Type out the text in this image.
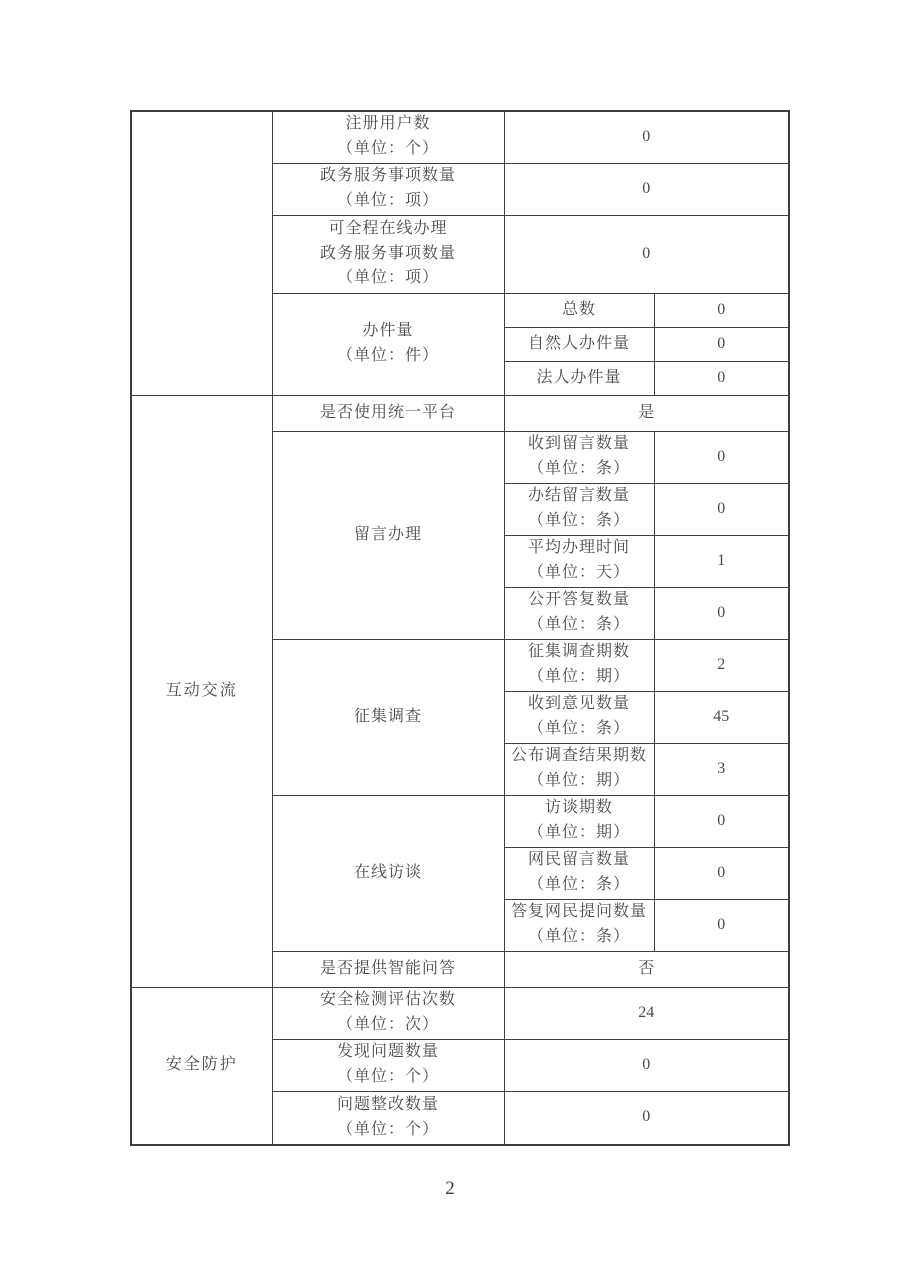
	注册用户数
（单位：个）	0	

	政务服务事项数量
（单位：项）	0	

	可全程在线办理
政务服务事项数量
（单位：项）	0	

	办件量
（单位：件）	总数	0
		自然人办件量	0
		法人办件量	0
互动交流	是否使用统一平台	是	
	留言办理	收到留言数量
（单位：条）	0

		办结留言数量
（单位：条）	0

		平均办理时间
（单位：天）	1

		公开答复数量
（单位：条）	0
	征集调查	征集调查期数
（单位：期）	2

		收到意见数量
（单位：条）	45

		公布调查结果期数
（单位：期）	3
	在线访谈	访谈期数
（单位：期）	0

		网民留言数量
（单位：条）	0

		答复网民提问数量
（单位：条）	0
	是否提供智能问答	否	
安全防护	安全检测评估次数
（单位：次）	24	

	发现问题数量
（单位：个）	0	

	问题整改数量
（单位：个）	0	
2
